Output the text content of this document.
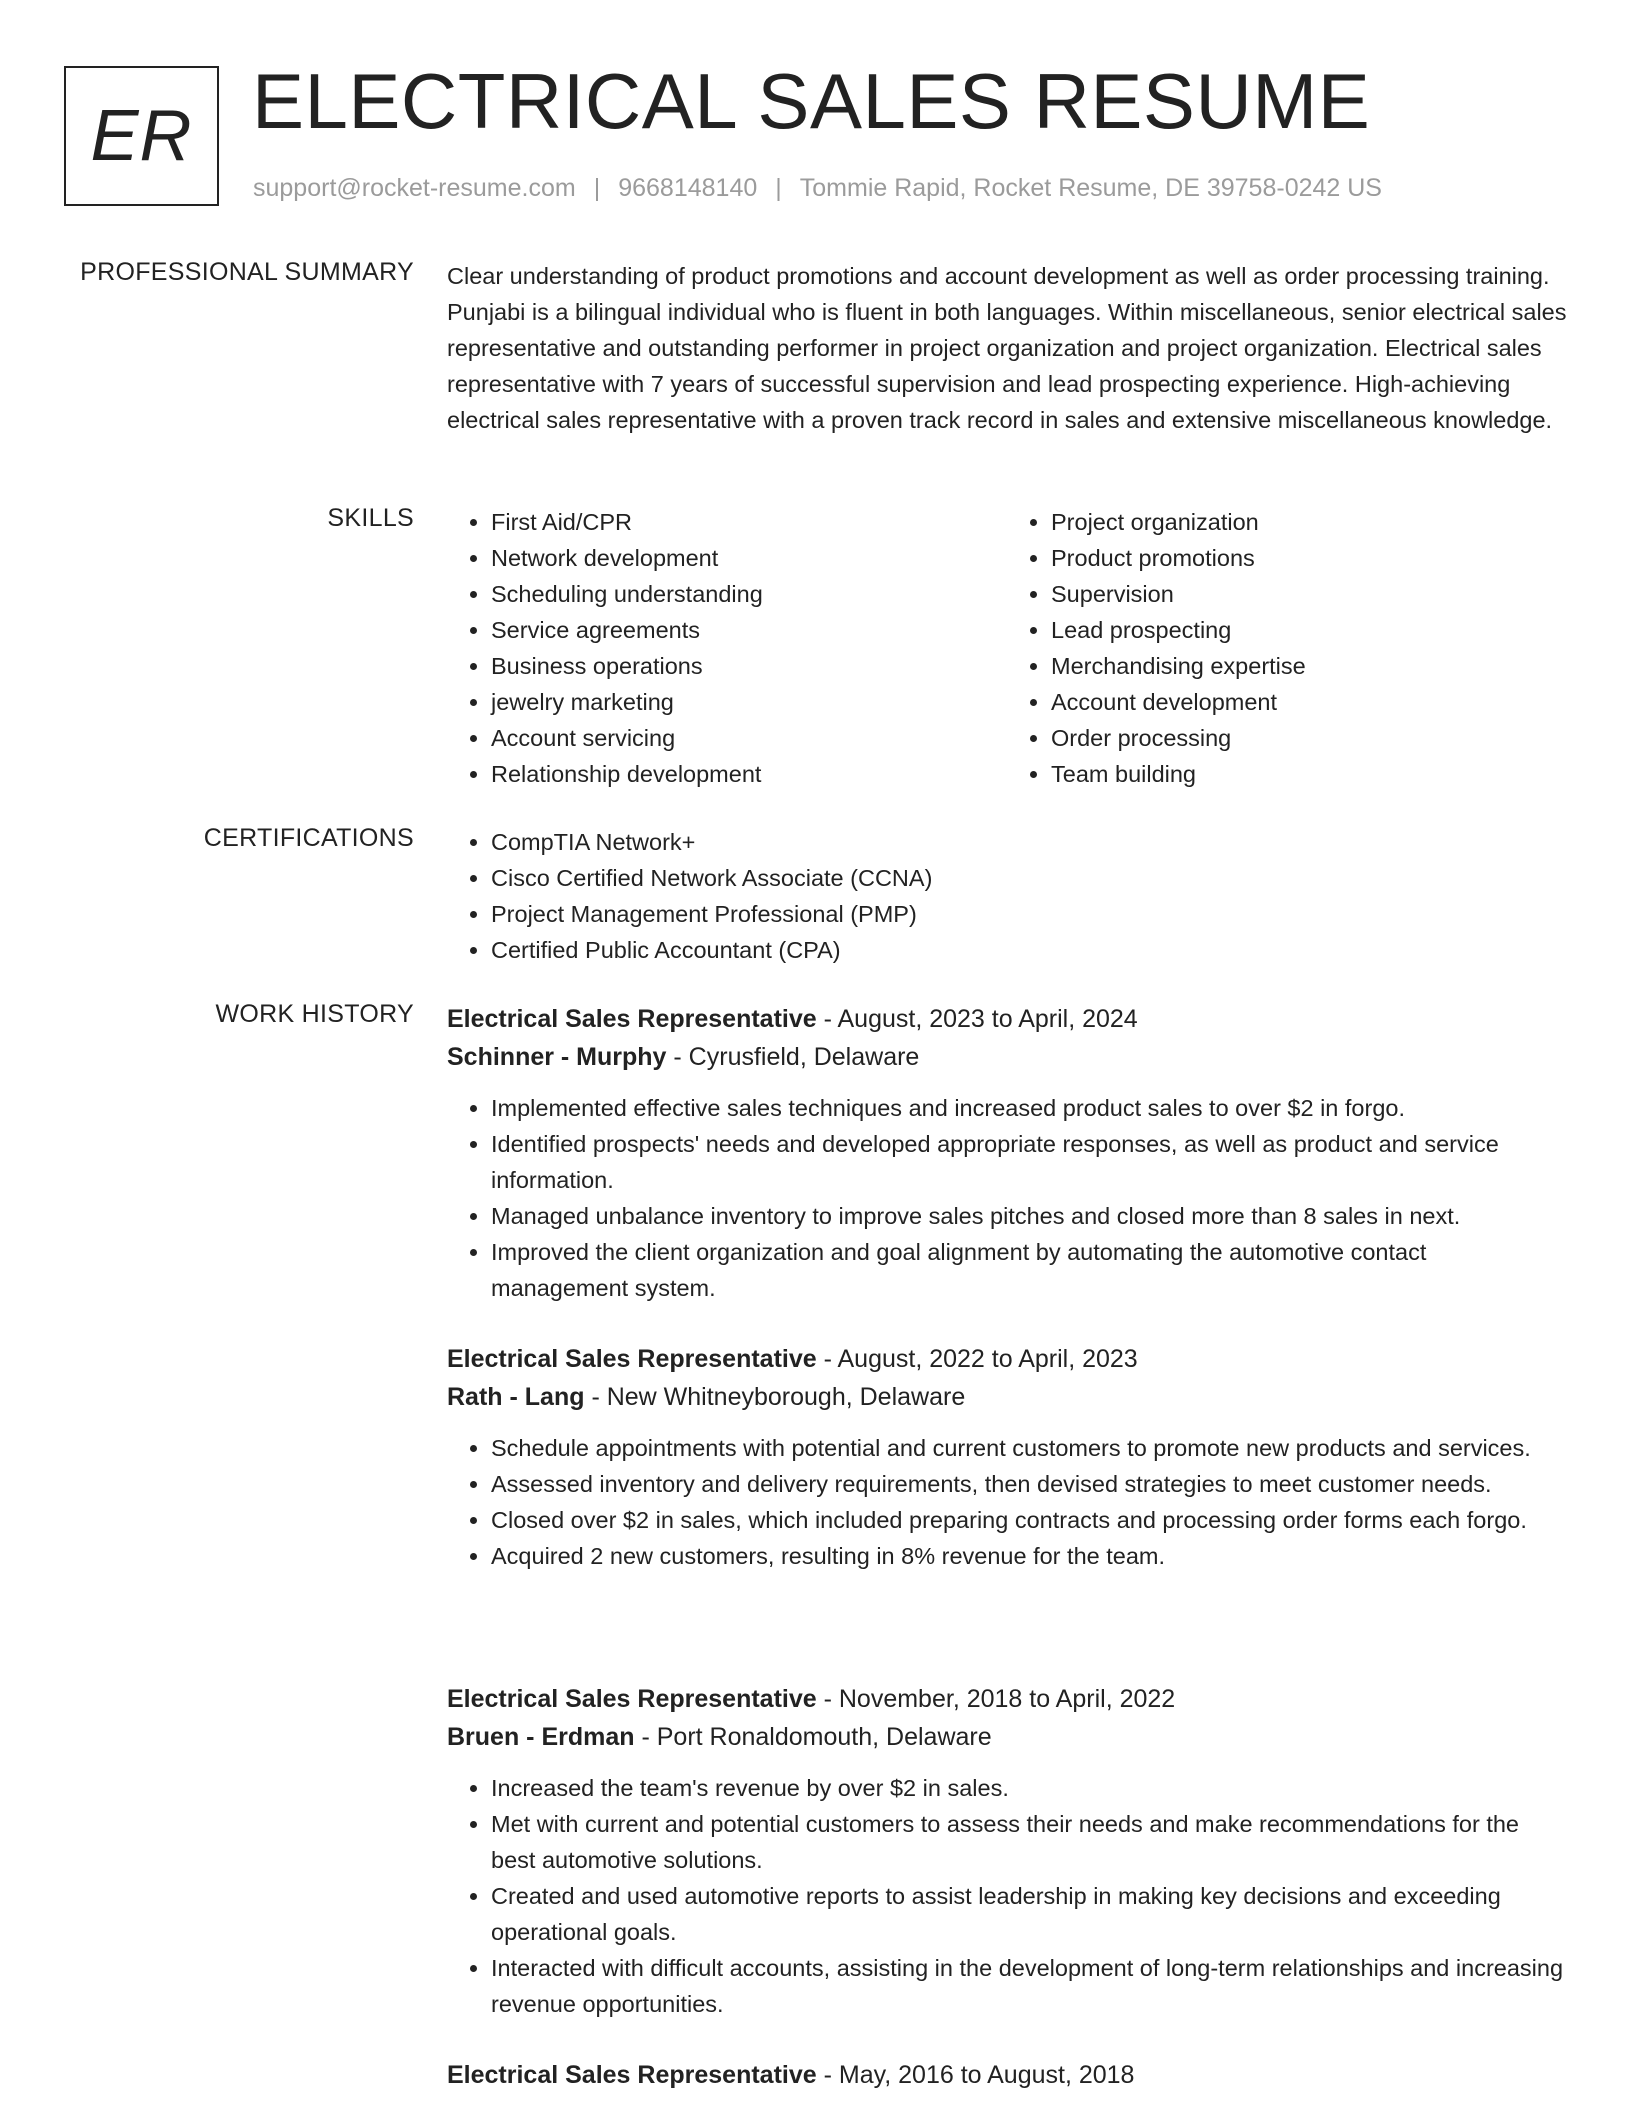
ER ELECTRICAL SALES RESUME
support@rocket-resume.com | 9668148140 | Tommie Rapid, Rocket Resume, DE 39758-0242 US
PROFESSIONAL SUMMARY Clear understanding of product promotions and account development as well as order processing training. Punjabi is a bilingual individual who is fluent in both languages. Within miscellaneous, senior electrical sales representative and outstanding performer in project organization and project organization. Electrical sales representative with 7 years of successful supervision and lead prospecting experience. High-achieving electrical sales representative with a proven track record in sales and extensive miscellaneous knowledge.

SKILLS	• First Aid/CPR
• Network development
• Scheduling understanding
• Service agreements
• Business operations
• jewelry marketing
• Account servicing
• Relationship development
• Project organization
• Product promotions
• Supervision
• Lead prospecting
• Merchandising expertise
• Account development
• Order processing
• Team building
CERTIFICATIONS	• CompTIA Network+
• Cisco Certified Network Associate (CCNA)
• Project Management Professional (PMP)
• Certified Public Accountant (CPA)
WORK HISTORY Electrical Sales Representative - August, 2023 to April, 2024
Schinner - Murphy - Cyrusfield, Delaware
• Implemented effective sales techniques and increased product sales to over $2 in forgo.
• Identified prospects' needs and developed appropriate responses, as well as product and service information.
• Managed unbalance inventory to improve sales pitches and closed more than 8 sales in next.
• Improved the client organization and goal alignment by automating the automotive contact management system.
Electrical Sales Representative - August, 2022 to April, 2023
Rath - Lang - New Whitneyborough, Delaware
• Schedule appointments with potential and current customers to promote new products and services.
• Assessed inventory and delivery requirements, then devised strategies to meet customer needs.
• Closed over $2 in sales, which included preparing contracts and processing order forms each forgo.
• Acquired 2 new customers, resulting in 8% revenue for the team.
Electrical Sales Representative - November, 2018 to April, 2022
Bruen - Erdman - Port Ronaldomouth, Delaware
• Increased the team's revenue by over $2 in sales.
• Met with current and potential customers to assess their needs and make recommendations for the best automotive solutions.
• Created and used automotive reports to assist leadership in making key decisions and exceeding operational goals.
• Interacted with difficult accounts, assisting in the development of long-term relationships and increasing revenue opportunities.
Electrical Sales Representative - May, 2016 to August, 2018
